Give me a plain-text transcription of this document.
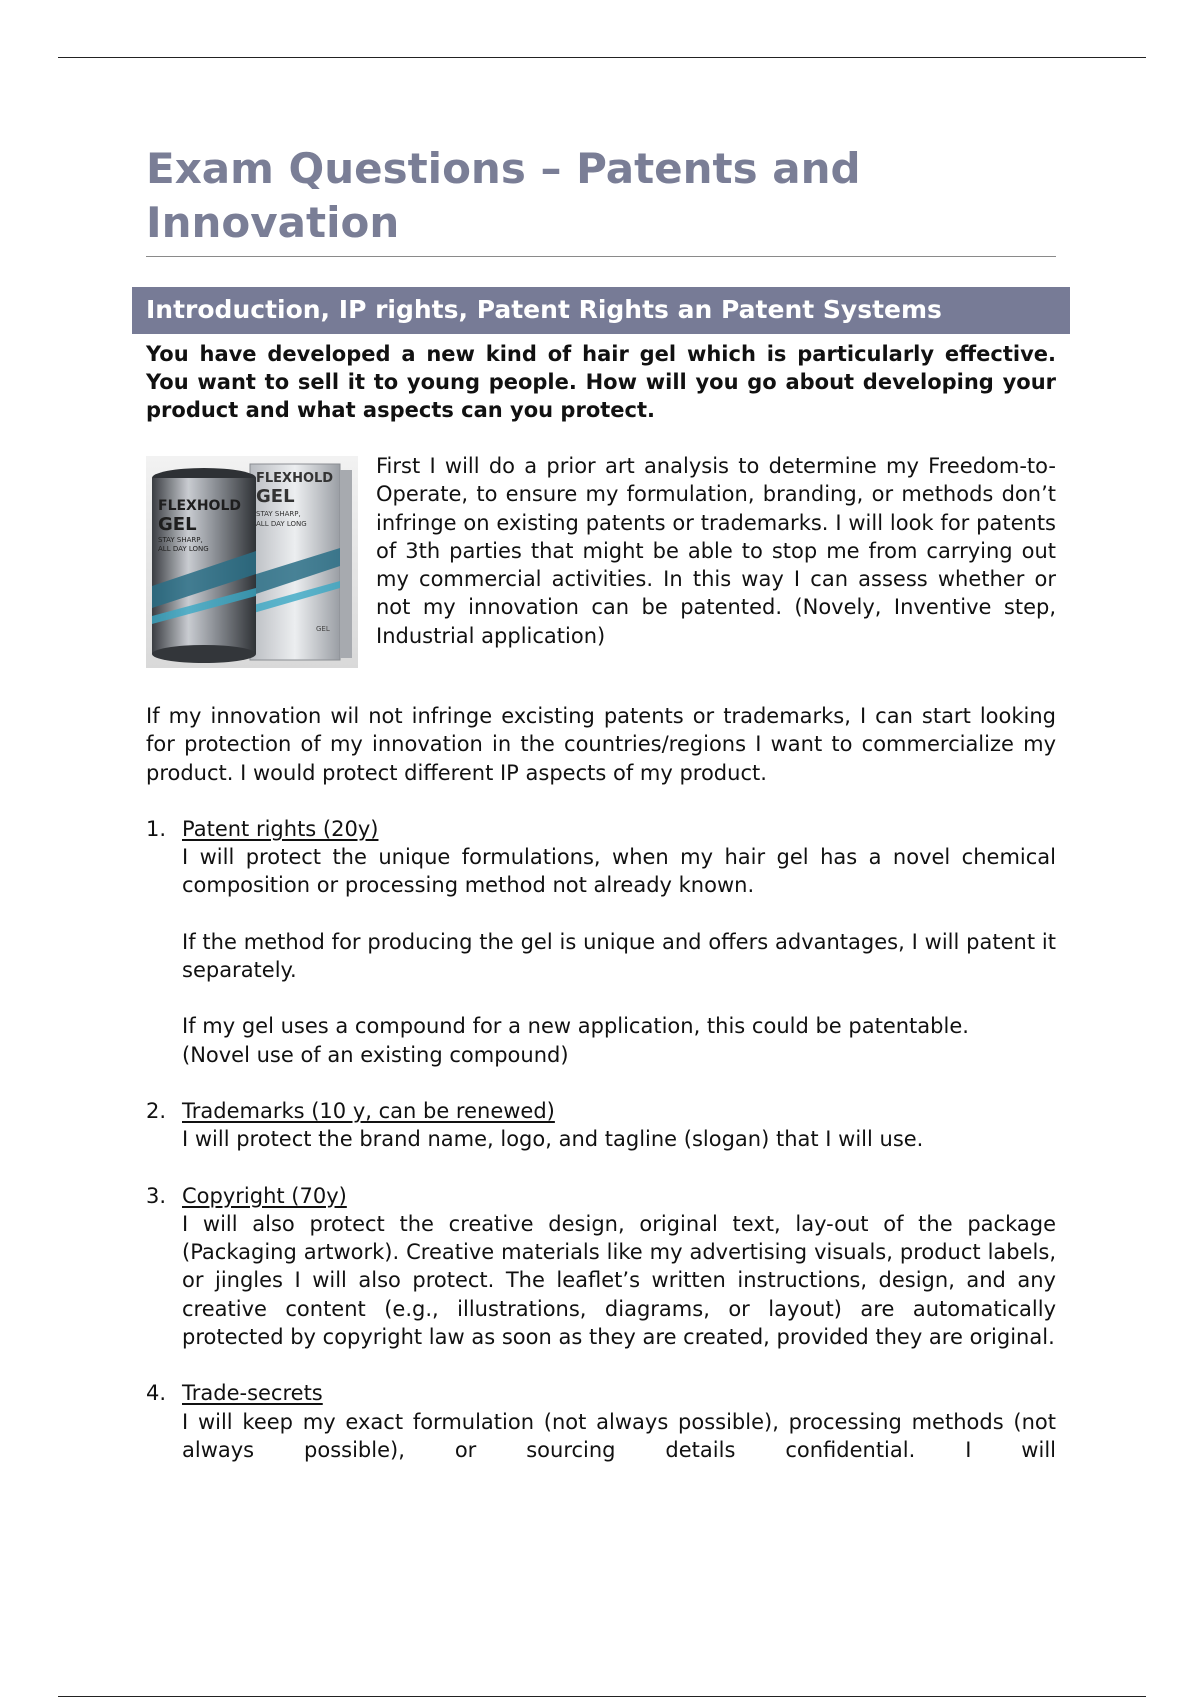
Exam Questions – Patents and Innovation
Introduction, IP rights, Patent Rights an Patent Systems
You have developed a new kind of hair gel which is particularly effective. You want to sell it to young people. How will you go about developing your product and what aspects can you protect.
FLEXHOLD
GEL
STAY SHARP,
ALL DAY LONG
GEL
FLEXHOLD
GEL
STAY SHARP,
ALL DAY LONG

First I will do a prior art analysis to determine my Freedom-to-Operate, to ensure my formulation, branding, or methods don’t infringe on existing patents or trademarks. I will look for patents of 3th parties that might be able to stop me from carrying out my commercial activities. In this way I can assess whether or not my innovation can be patented. (Novely, Inventive step, Industrial application)

If my innovation wil not infringe excisting patents or trademarks, I can start looking for protection of my innovation in the countries/regions I want to commercialize my product. I would protect different IP aspects of my product.

1. Patent rights (20y)

I will protect the unique formulations, when my hair gel has a novel chemical composition or processing method not already known.

If the method for producing the gel is unique and offers advantages, I will patent it separately.

If my gel uses a compound for a new application, this could be patentable.

(Novel use of an existing compound)

2. Trademarks (10 y, can be renewed)

I will protect the brand name, logo, and tagline (slogan) that I will use.

3. Copyright (70y)

I will also protect the creative design, original text, lay-out of the package (Packaging artwork). Creative materials like my advertising visuals, product labels, or jingles I will also protect. The leaflet’s written instructions, design, and any creative content (e.g., illustrations, diagrams, or layout) are automatically protected by copyright law as soon as they are created, provided they are original.

4. Trade-secrets

I will keep my exact formulation (not always possible), processing methods (not always possible), or sourcing details confidential. I will
